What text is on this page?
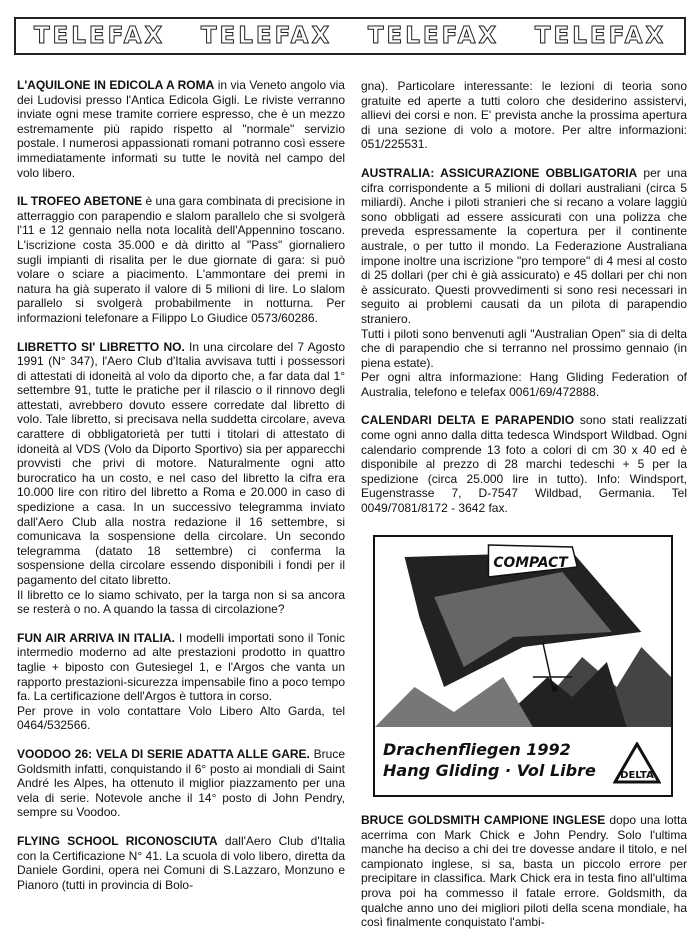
TELEFAX TELEFAX TELEFAX TELEFAX

L'AQUILONE IN EDICOLA A ROMA in via Veneto angolo via dei Ludovisi presso l'Antica Edicola Gigli. Le riviste verranno inviate ogni mese tramite corriere espresso, che è un mezzo estremamente più rapido rispetto al "normale" servizio postale. I numerosi appassionati romani potranno così essere immediatamente informati su tutte le novità nel campo del volo libero.

IL TROFEO ABETONE è una gara combinata di precisione in atterraggio con parapendio e slalom parallelo che si svolgerà l'11 e 12 gennaio nella nota località dell'Appennino toscano. L'iscrizione costa 35.000 e dà diritto al "Pass" giornaliero sugli impianti di risalita per le due giornate di gara: si può volare o sciare a piacimento. L'ammontare dei premi in natura ha già superato il valore di 5 milioni di lire. Lo slalom parallelo si svolgerà probabilmente in notturna. Per informazioni telefonare a Filippo Lo Giudice 0573/60286.

LIBRETTO SI' LIBRETTO NO. In una circolare del 7 Agosto 1991 (N° 347), l'Aero Club d'Italia avvisava tutti i possessori di attestati di idoneità al volo da diporto che, a far data dal 1° settembre 91, tutte le pratiche per il rilascio o il rinnovo degli attestati, avrebbero dovuto essere corredate dal libretto di volo. Tale libretto, si precisava nella suddetta circolare, aveva carattere di obbligatorietà per tutti i titolari di attestato di idoneità al VDS (Volo da Diporto Sportivo) sia per apparecchi provvisti che privi di motore. Naturalmente ogni atto burocratico ha un costo, e nel caso del libretto la cifra era 10.000 lire con ritiro del libretto a Roma e 20.000 in caso di spedizione a casa. In un successivo telegramma inviato dall'Aero Club alla nostra redazione il 16 settembre, si comunicava la sospensione della circolare. Un secondo telegramma (datato 18 settembre) ci conferma la sospensione della circolare essendo disponibili i fondi per il pagamento del citato libretto.

Il libretto ce lo siamo schivato, per la targa non si sa ancora se resterà o no. A quando la tassa di circolazione?

FUN AIR ARRIVA IN ITALIA. I modelli importati sono il Tonic intermedio moderno ad alte prestazioni prodotto in quattro taglie + biposto con Gutesiegel 1, e l'Argos che vanta un rapporto prestazioni-sicurezza impensabile fino a poco tempo fa. La certificazione dell'Argos è tuttora in corso.

Per prove in volo contattare Volo Libero Alto Garda, tel 0464/532566.

VOODOO 26: VELA DI SERIE ADATTA ALLE GARE. Bruce Goldsmith infatti, conquistando il 6° posto ai mondiali di Saint André les Alpes, ha ottenuto il miglior piazzamento per una vela di serie. Notevole anche il 14° posto di John Pendry, sempre su Voodoo.

FLYING SCHOOL RICONOSCIUTA dall'Aero Club d'Italia con la Certificazione N° 41. La scuola di volo libero, diretta da Daniele Gordini, opera nei Comuni di S.Lazzaro, Monzuno e Pianoro (tutti in provincia di Bolo-

gna). Particolare interessante: le lezioni di teoria sono gratuite ed aperte a tutti coloro che desiderino assistervi, allievi dei corsi e non. E' prevista anche la prossima apertura di una sezione di volo a motore. Per altre informazioni: 051/225531.

AUSTRALIA: ASSICURAZIONE OBBLIGATORIA per una cifra corrispondente a 5 milioni di dollari australiani (circa 5 miliardi). Anche i piloti stranieri che si recano a volare laggiù sono obbligati ad essere assicurati con una polizza che preveda espressamente la copertura per il continente australe, o per tutto il mondo. La Federazione Australiana impone inoltre una iscrizione "pro tempore" di 4 mesi al costo di 25 dollari (per chi è già assicurato) e 45 dollari per chi non è assicurato. Questi provvedimenti si sono resi necessari in seguito ai problemi causati da un pilota di parapendio straniero.

Tutti i piloti sono benvenuti agli "Australian Open" sia di delta che di parapendio che si terranno nel prossimo gennaio (in piena estate).

Per ogni altra informazione: Hang Gliding Federation of Australia, telefono e telefax 0061/69/472888.

CALENDARI DELTA E PARAPENDIO sono stati realizzati come ogni anno dalla ditta tedesca Windsport Wildbad. Ogni calendario comprende 13 foto a colori di cm 30 x 40 ed è disponibile al prezzo di 28 marchi tedeschi + 5 per la spedizione (circa 25.000 lire in tutto). Info: Windsport, Eugenstrasse 7, D-7547 Wildbad, Germania. Tel 0049/7081/8172 - 3642 fax.

COMPACT
Drachenfliegen 1992
Hang Gliding · Vol Libre DELTA

BRUCE GOLDSMITH CAMPIONE INGLESE dopo una lotta acerrima con Mark Chick e John Pendry. Solo l'ultima manche ha deciso a chi dei tre dovesse andare il titolo, e nel campionato inglese, si sa, basta un piccolo errore per precipitare in classifica. Mark Chick era in testa fino all'ultima prova poi ha commesso il fatale errore. Goldsmith, da qualche anno uno dei migliori piloti della scena mondiale, ha così finalmente conquistato l'ambi-
